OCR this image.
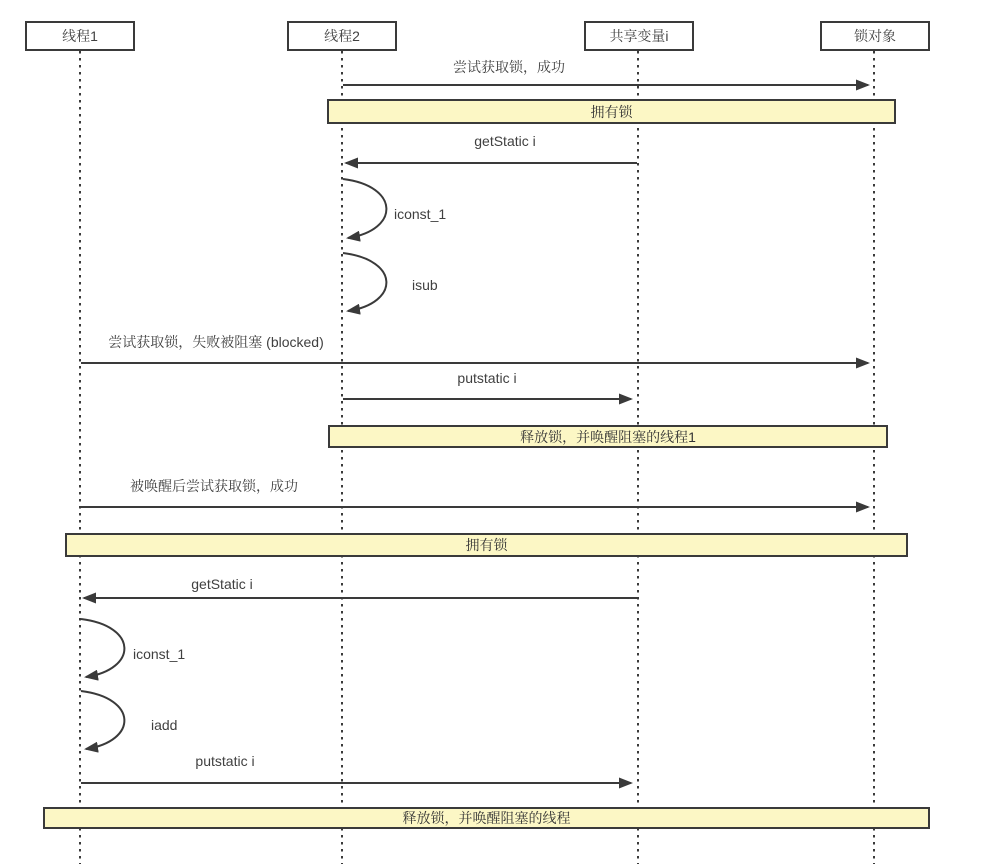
拥有锁
释放锁，并唤醒阻塞的线程1
拥有锁
释放锁，并唤醒阻塞的线程
线程1	线程2	共享变量i	锁对象
尝试获取锁，成功
getStatic i
iconst_1
isub
尝试获取锁，失败被阻塞 (blocked)
putstatic i
被唤醒后尝试获取锁，成功
getStatic i
iconst_1
iadd
putstatic i
